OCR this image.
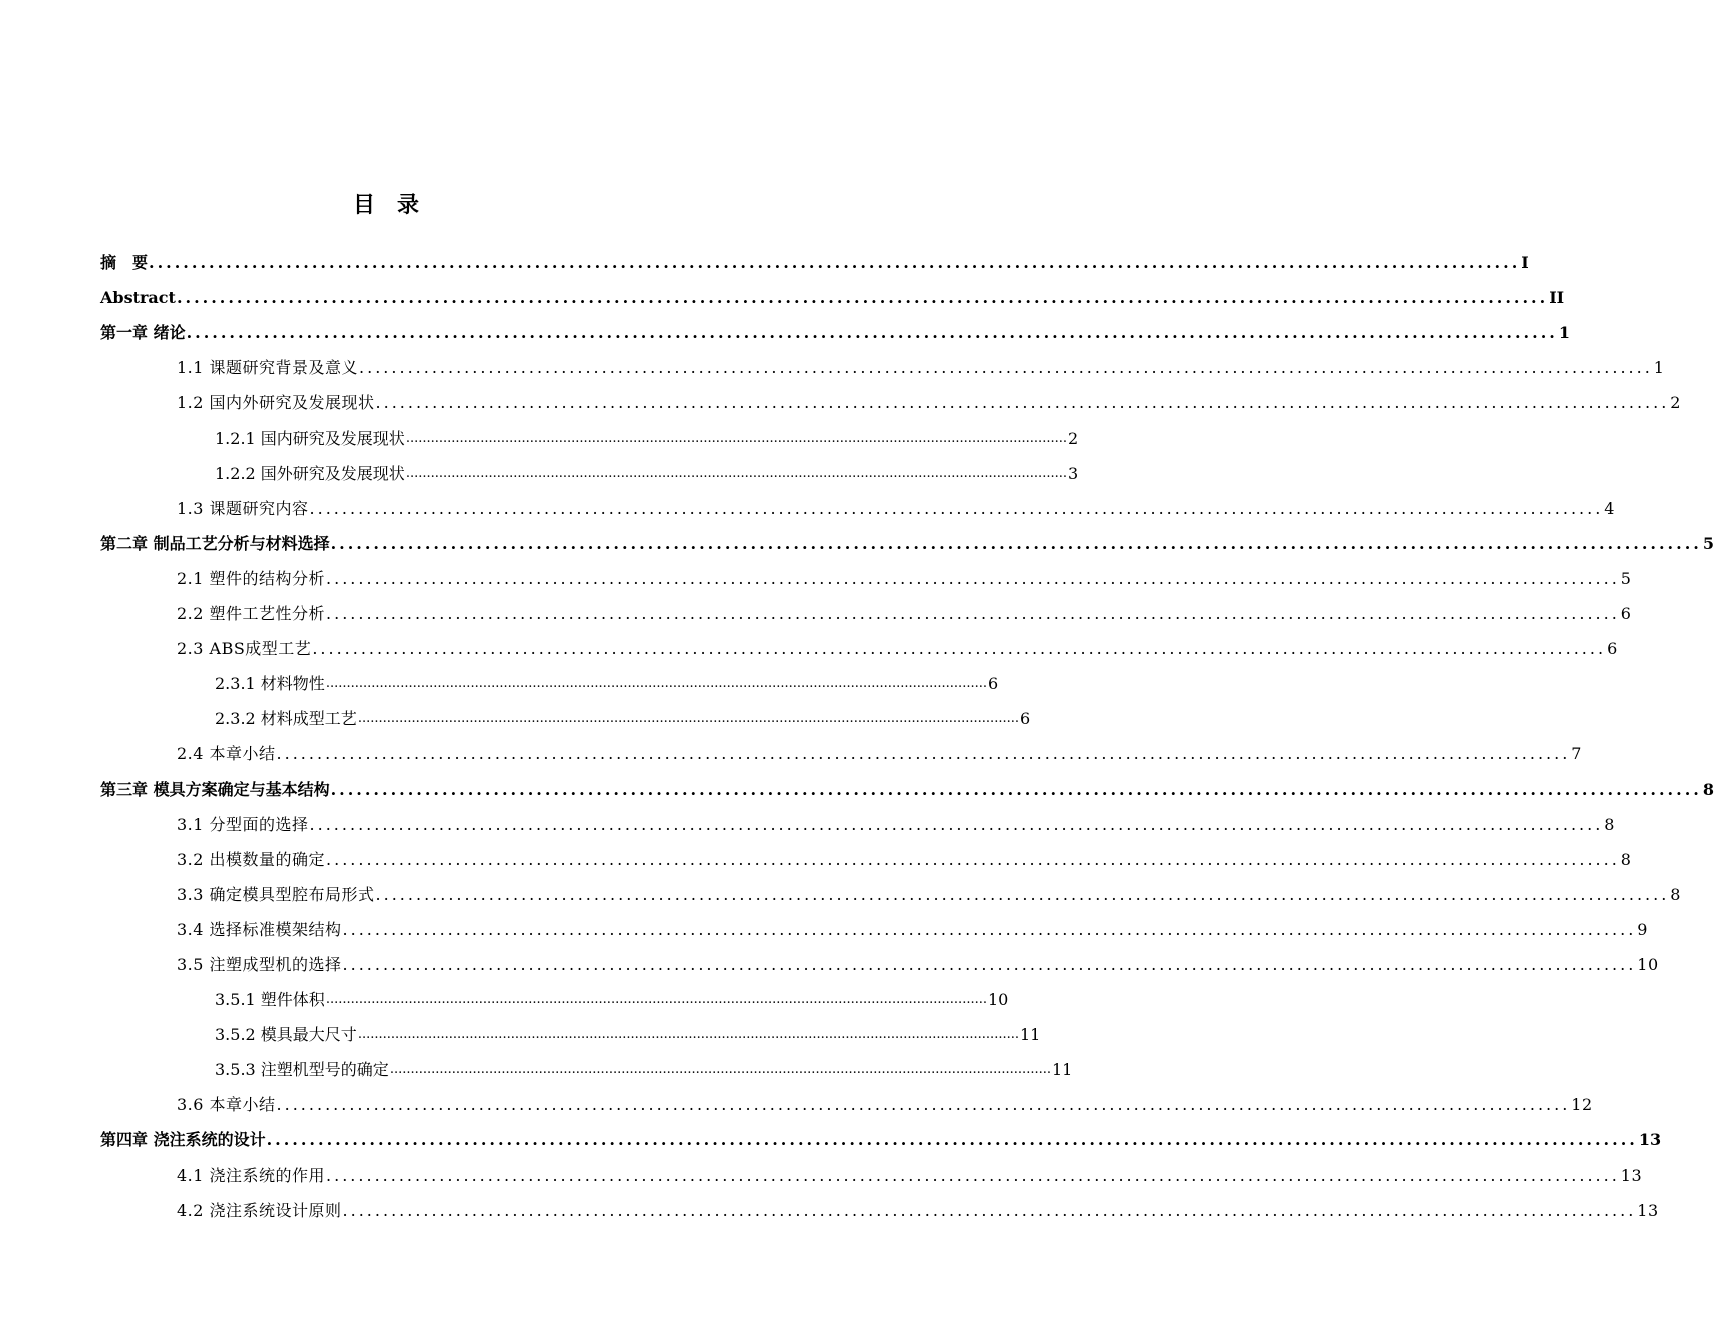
目　录
摘　要 ................................................................................................................................................................ I
Abstract ................................................................................................................................................................ II
第一章 绪论 ................................................................................................................................................................ 1
1.1 课题研究背景及意义 ................................................................................................................................................................ 1
1.2 国内外研究及发展现状 ................................................................................................................................................................ 2
1.2.1 国内研究及发展现状 ................................................................................................................................................................ 2
1.2.2 国外研究及发展现状 ................................................................................................................................................................ 3
1.3 课题研究内容 ................................................................................................................................................................ 4
第二章 制品工艺分析与材料选择 ................................................................................................................................................................ 5
2.1 塑件的结构分析 ................................................................................................................................................................ 5
2.2 塑件工艺性分析 ................................................................................................................................................................ 6
2.3 ABS成型工艺 ................................................................................................................................................................ 6
2.3.1 材料物性 ................................................................................................................................................................ 6
2.3.2 材料成型工艺 ................................................................................................................................................................ 6
2.4 本章小结 ................................................................................................................................................................ 7
第三章 模具方案确定与基本结构 ................................................................................................................................................................ 8
3.1 分型面的选择 ................................................................................................................................................................ 8
3.2 出模数量的确定 ................................................................................................................................................................ 8
3.3 确定模具型腔布局形式 ................................................................................................................................................................ 8
3.4 选择标准模架结构 ................................................................................................................................................................ 9
3.5 注塑成型机的选择 ................................................................................................................................................................ 10
3.5.1 塑件体积 ................................................................................................................................................................ 10
3.5.2 模具最大尺寸 ................................................................................................................................................................ 11
3.5.3 注塑机型号的确定 ................................................................................................................................................................ 11
3.6 本章小结 ................................................................................................................................................................ 12
第四章 浇注系统的设计 ................................................................................................................................................................ 13
4.1 浇注系统的作用 ................................................................................................................................................................ 13
4.2 浇注系统设计原则 ................................................................................................................................................................ 13
